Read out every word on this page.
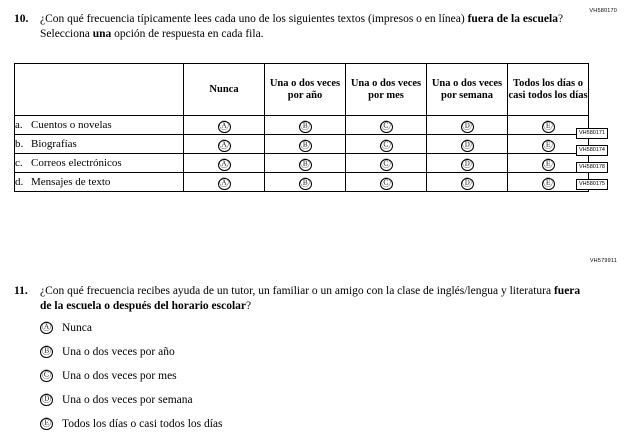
VH580170
VH579911
10.	¿Con qué frecuencia típicamente lees cada uno de los siguientes textos (impresos o en línea) fuera de la escuela? Selecciona una opción de respuesta en cada fila.
	Nunca	Una o dos veces por año	Una o dos veces por mes	Una o dos veces por semana	Todos los días o casi todos los días
a. Cuentos o novelas	Ⓐ	Ⓑ	Ⓒ	Ⓓ	Ⓔ
b. Biografías	Ⓐ	Ⓑ	Ⓒ	Ⓓ	Ⓔ
c. Correos electrónicos	Ⓐ	Ⓑ	Ⓒ	Ⓓ	Ⓔ
d. Mensajes de texto	Ⓐ	Ⓑ	Ⓒ	Ⓓ	Ⓔ
VH580171
VH580174
VH580178
VH580175
11.	¿Con qué frecuencia recibes ayuda de un tutor, un familiar o un amigo con la clase de inglés/lengua y literatura fuera de la escuela o después del horario escolar?
Ⓐ Nunca
Ⓑ Una o dos veces por año
Ⓒ Una o dos veces por mes
Ⓓ Una o dos veces por semana
Ⓔ Todos los días o casi todos los días
